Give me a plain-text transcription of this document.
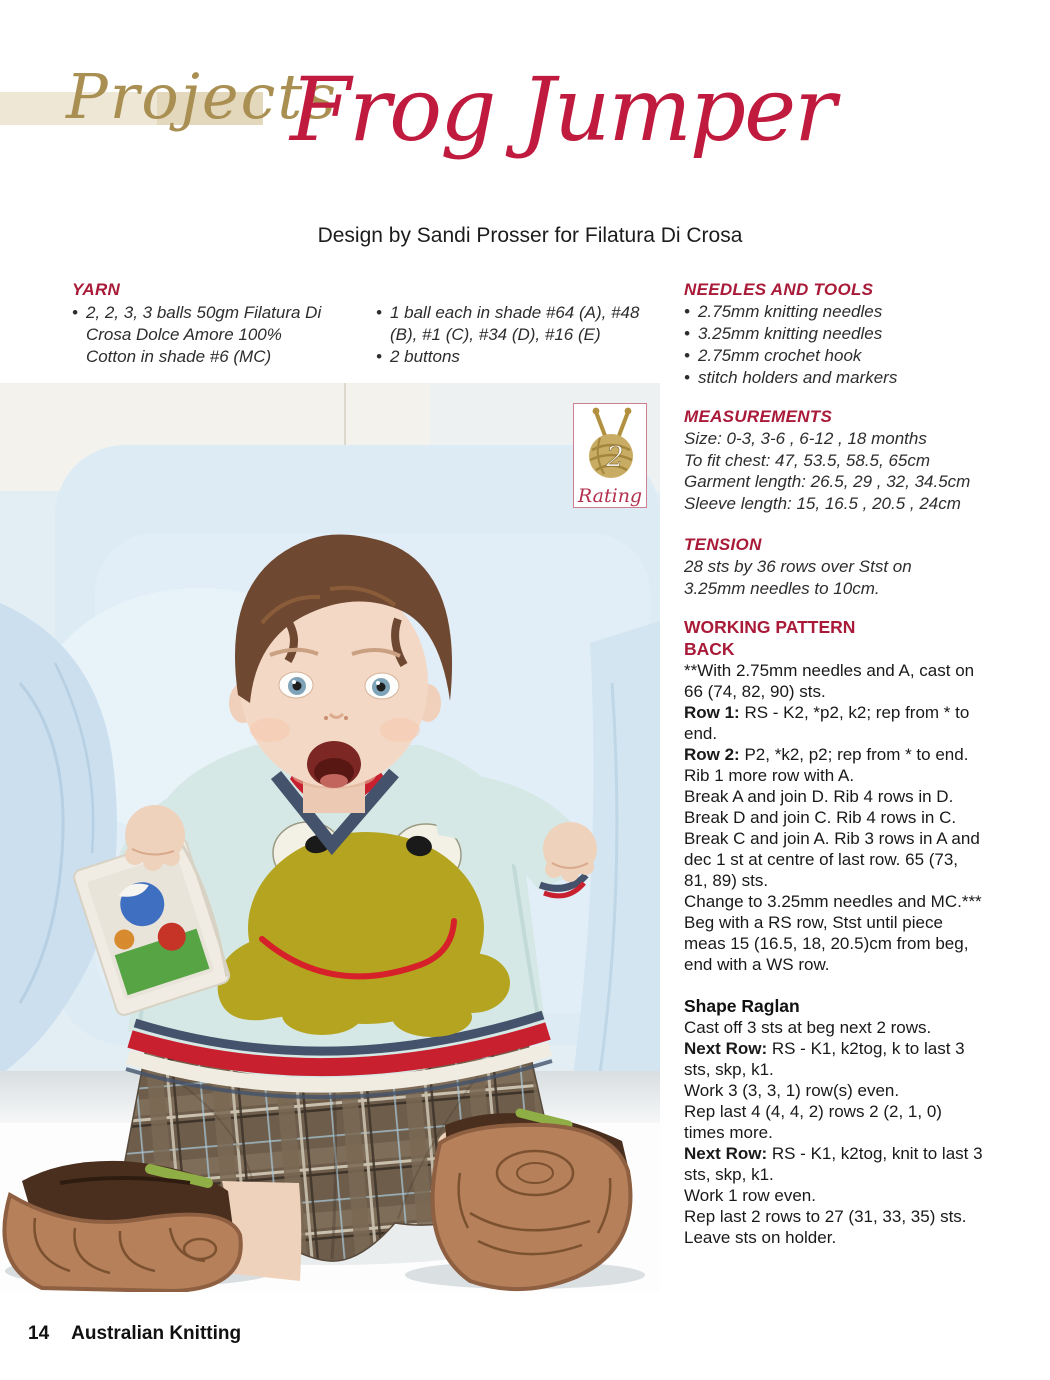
Projects
Frog Jumper
Design by Sandi Prosser for Filatura Di Crosa
YARN
• 2, 2, 3, 3 balls 50gm Filatura Di Crosa Dolce Amore 100% Cotton in shade #6 (MC)
• 1 ball each in shade #64 (A), #48 (B), #1 (C), #34 (D), #16 (E)
• 2 buttons
2
Rating
NEEDLES AND TOOLS
• 2.75mm knitting needles
• 3.25mm knitting needles
• 2.75mm crochet hook
• stitch holders and markers
MEASUREMENTS
Size: 0-3, 3-6 , 6-12 , 18 months
To fit chest: 47, 53.5, 58.5, 65cm
Garment length: 26.5, 29 , 32, 34.5cm
Sleeve length: 15, 16.5 , 20.5 , 24cm
TENSION
28 sts by 36 rows over Stst on
3.25mm needles to 10cm.
WORKING PATTERN
BACK
**With 2.75mm needles and A, cast on 66 (74, 82, 90) sts.
Row 1: RS - K2, *p2, k2; rep from * to end.
Row 2: P2, *k2, p2; rep from * to end.
Rib 1 more row with A.
Break A and join D. Rib 4 rows in D.
Break D and join C. Rib 4 rows in C.
Break C and join A. Rib 3 rows in A and dec 1 st at centre of last row. 65 (73, 81, 89) sts.
Change to 3.25mm needles and MC.***
Beg with a RS row, Stst until piece meas 15 (16.5, 18, 20.5)cm from beg, end with a WS row.
Shape Raglan
Cast off 3 sts at beg next 2 rows.
Next Row: RS - K1, k2tog, k to last 3 sts, skp, k1.
Work 3 (3, 3, 1) row(s) even.
Rep last 4 (4, 4, 2) rows 2 (2, 1, 0) times more.
Next Row: RS - K1, k2tog, knit to last 3 sts, skp, k1.
Work 1 row even.
Rep last 2 rows to 27 (31, 33, 35) sts.
Leave sts on holder.
14 Australian Knitting
